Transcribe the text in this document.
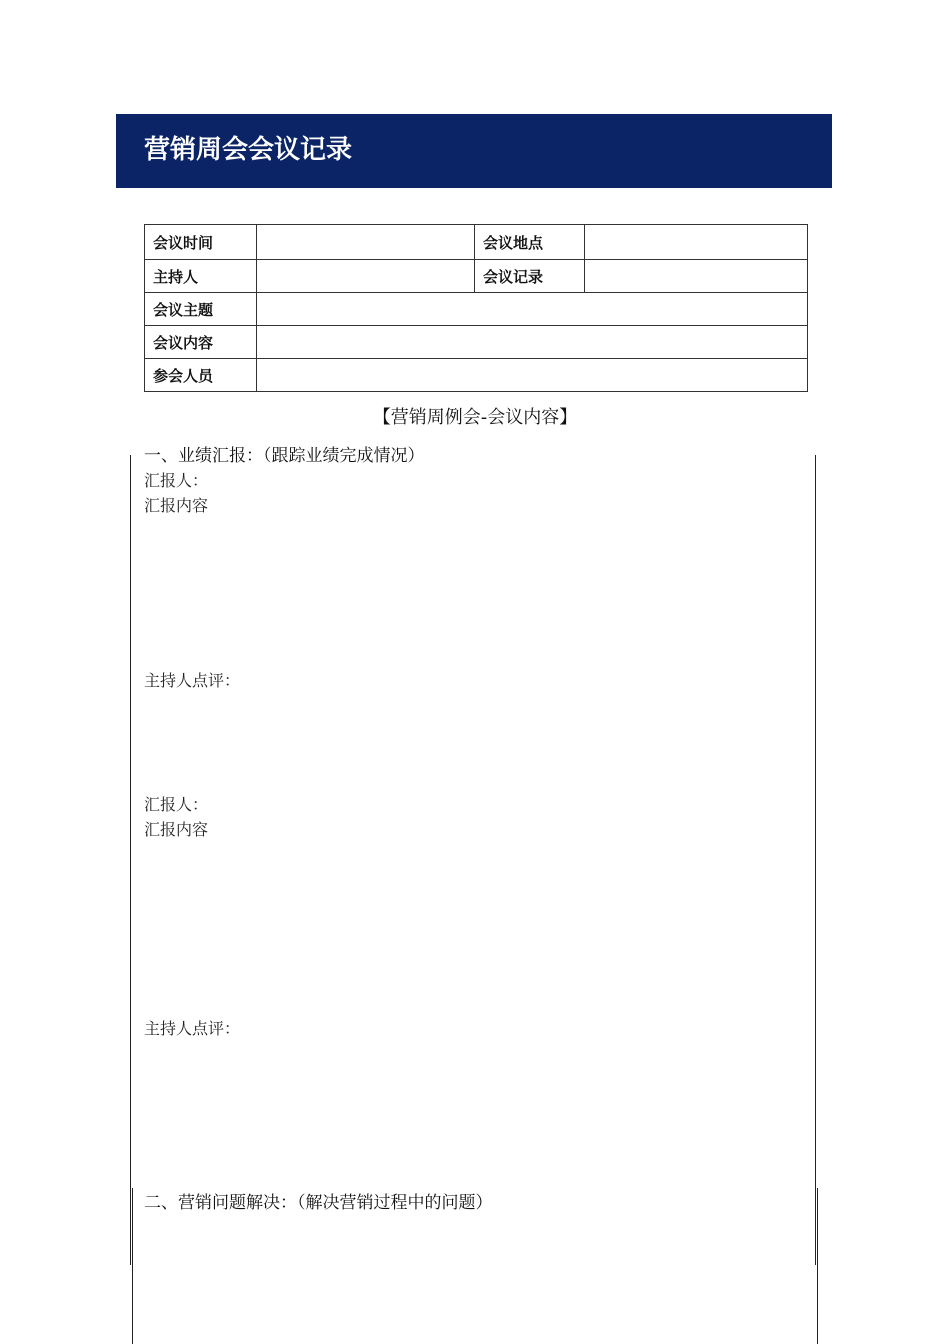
营销周会会议记录
会议时间		会议地点	
主持人		会议记录	
会议主题			
会议内容			
参会人员			
【营销周例会-会议内容】
一、业绩汇报：（跟踪业绩完成情况）
汇报人：
汇报内容
主持人点评：
汇报人：
汇报内容
主持人点评：
二、营销问题解决：（解决营销过程中的问题）
